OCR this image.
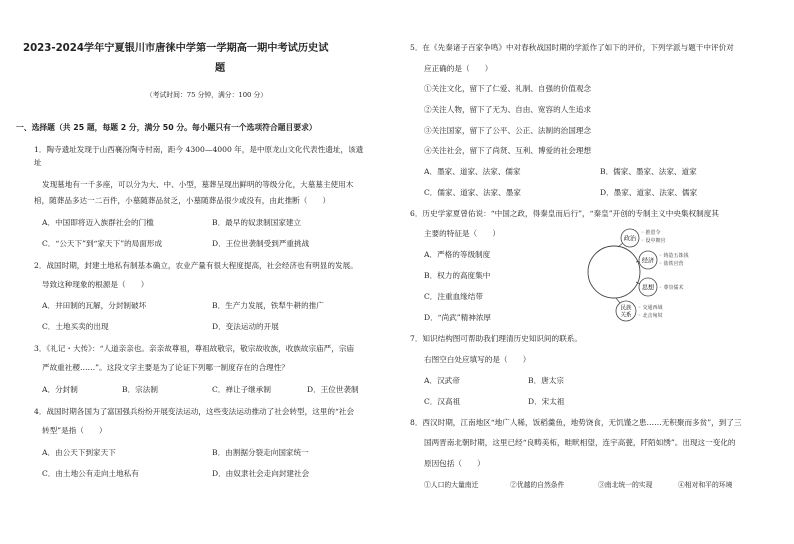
2023-2024学年宁夏银川市唐徕中学第一学期高一期中考试历史试
题
（考试时间：75 分钟，满分：100 分）
一、选择题（共 25 题，每题 2 分，满分 50 分。每小题只有一个选项符合题目要求）
1．陶寺遗址发现于山西襄汾陶寺村南，距今 4300—4000 年，是中原龙山文化代表性遗址，该遗
址
发现墓地有一千多座，可以分为大、中、小型，墓葬呈现出鲜明的等级分化，大墓墓主使用木
棺，随葬品多达一二百件，小墓随葬品贫乏，小墓随葬品很少或没有，由此推断（　　）
A．中国即将迈入族群社会的门槛	B．最早的奴隶制国家建立
C．“公天下”到“家天下”的局面形成	D．王位世袭制受到严重挑战
2．战国时期，封建土地私有制基本确立，农业产量有很大程度提高，社会经济也有明显的发展。
导致这种现象的根源是（　　）
A．井田制的瓦解，分封制破坏	B．生产力发展，铁犁牛耕的推广
C．土地买卖的出现	D．变法运动的开展
3．《礼记・大传》：“人道亲亲也。亲亲故尊祖，尊祖故敬宗，敬宗故收族，收族故宗庙严，宗庙
严故重社稷……”。这段文字主要是为了论证下列哪一制度存在的合理性？
A．分封制	B．宗法制	C．禅让子继承制	D．王位世袭制
4．战国时期各国为了富国强兵纷纷开展变法运动，这些变法运动推动了社会转型，这里的“社会
转型”是指（　　）
A．由公天下到家天下	B．由割据分裂走向国家统一
C．由土地公有走向土地私有	D．由奴隶社会走向封建社会
5．在《先秦诸子百家争鸣》中对春秋战国时期的学派作了如下的评价，下列学派与题干中评价对
应正确的是（　　）
①关注文化，留下了仁爱、礼制、自强的价值观念
②关注人物，留下了无为、自由、宽容的人生追求
③关注国家，留下了公平、公正、法制的治国理念
④关注社会，留下了尚贤、互利、博爱的社会理想
A．墨家、道家、法家、儒家	B．儒家、墨家、法家、道家
C．儒家、道家、法家、墨家	D．墨家、道家、法家、儒家
6．历史学家夏曾佑说：“中国之政，得秦皇而后行”，“秦皇”开创的专制主义中央集权制度其
主要的特征是（　　）
A．严格的等级制度
B．权力的高度集中
C．注重血缘结带
D．“尚武”精神浓厚
政治
经济
思想
民族
关系
◦ 推恩令
◦ 设中朝官
◦ 铸造五铢钱
◦ 盐铁官营
◦ 尊崇儒术
◦ 交通西域
◦ 北击匈奴
7．知识结构图可帮助我们理清历史知识间的联系。
右图空白处应填写的是（　　）
A．汉武帝	B．唐太宗
C．汉高祖	D．宋太祖
8．西汉时期，江南地区“地广人稀，饭稻羹鱼，地势饶食，无饥馑之患……无积聚而多贫”，到了三
国两晋南北朝时期，这里已经“良畴美柘，畦畎相望，连宇高甍，阡陌如绣”。出现这一变化的
原因包括（　　）
①人口的大量南迁	②优越的自然条件	③南北统一的实现	④相对和平的环境
